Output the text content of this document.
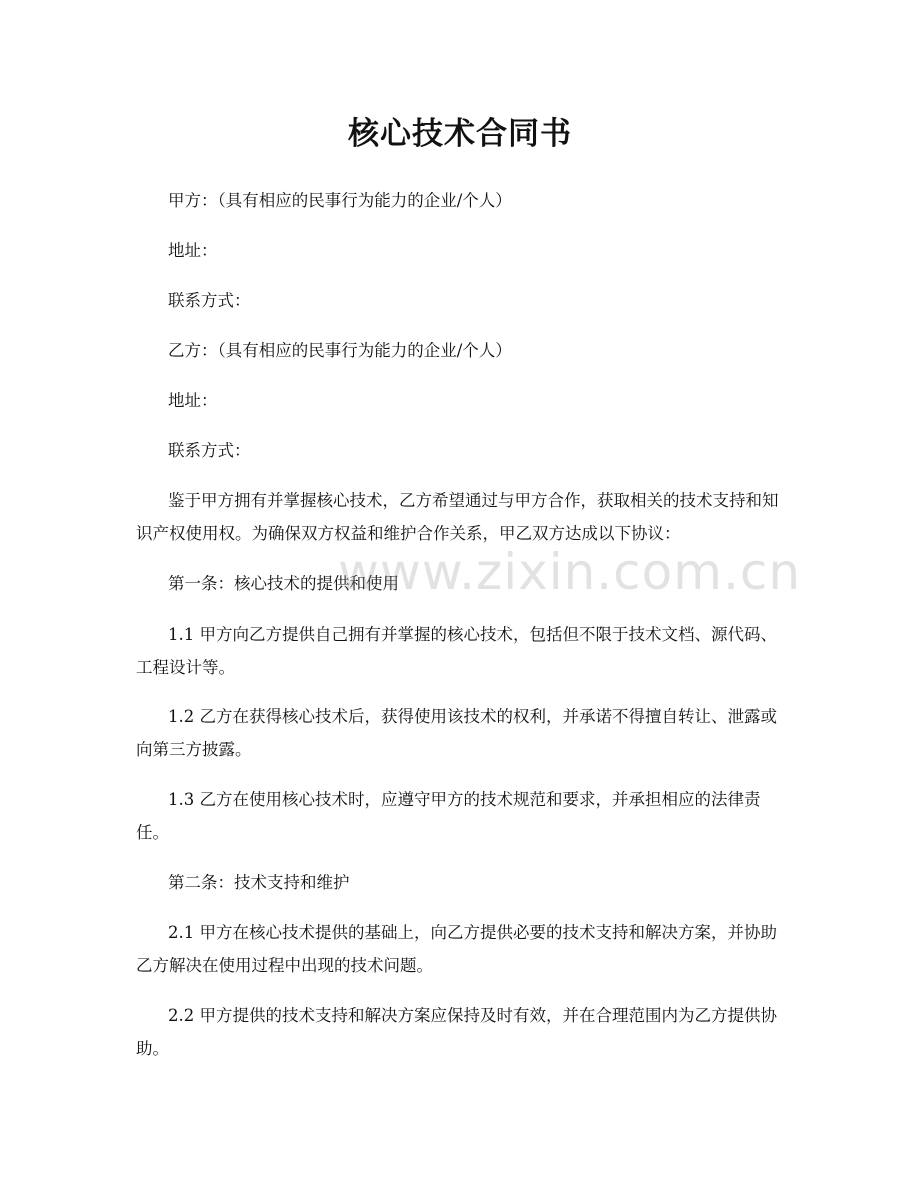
核心技术合同书

甲方：（具有相应的民事行为能力的企业/个人）

地址：

联系方式：

乙方：（具有相应的民事行为能力的企业/个人）

地址：

联系方式：

鉴于甲方拥有并掌握核心技术，乙方希望通过与甲方合作，获取相关的技术支持和知识产权使用权。为确保双方权益和维护合作关系，甲乙双方达成以下协议：

第一条：核心技术的提供和使用

1.1 甲方向乙方提供自己拥有并掌握的核心技术，包括但不限于技术文档、源代码、工程设计等。

1.2 乙方在获得核心技术后，获得使用该技术的权利，并承诺不得擅自转让、泄露或向第三方披露。

1.3 乙方在使用核心技术时，应遵守甲方的技术规范和要求，并承担相应的法律责任。

第二条：技术支持和维护

2.1 甲方在核心技术提供的基础上，向乙方提供必要的技术支持和解决方案，并协助乙方解决在使用过程中出现的技术问题。

2.2 甲方提供的技术支持和解决方案应保持及时有效，并在合理范围内为乙方提供协助。

www.zixin.com.cn
